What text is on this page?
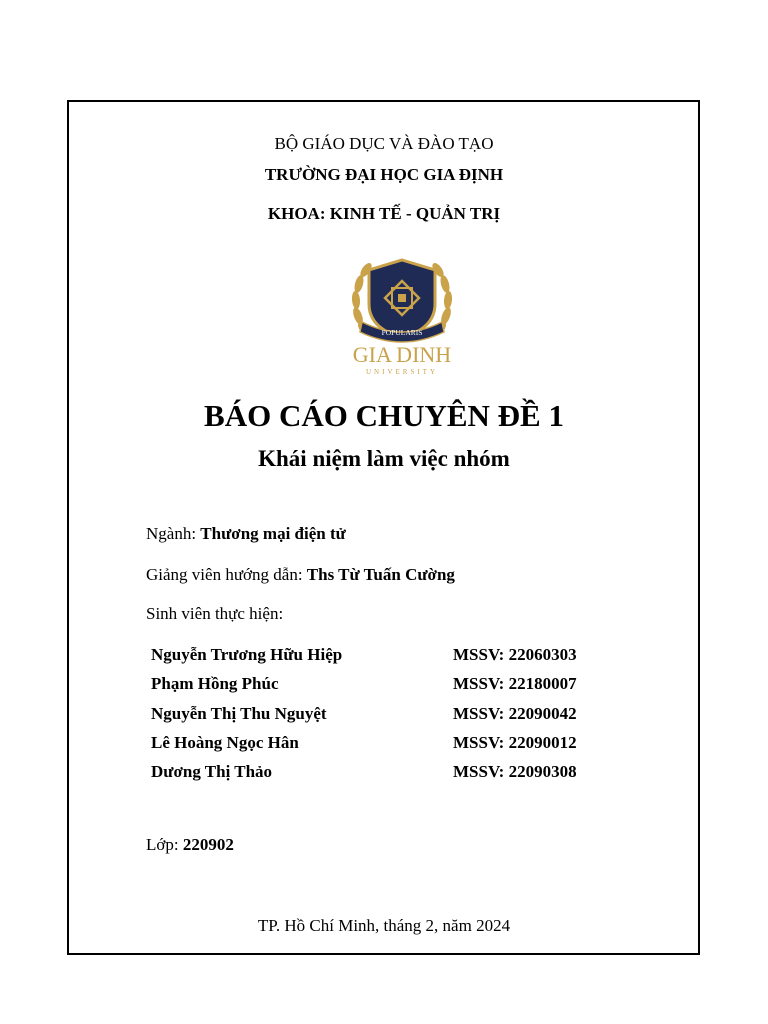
BỘ GIÁO DỤC VÀ ĐÀO TẠO
TRƯỜNG ĐẠI HỌC GIA ĐỊNH
KHOA: KINH TẾ - QUẢN TRỊ
POPULARIS
GIA DINH
UNIVERSITY
BÁO CÁO CHUYÊN ĐỀ 1
Khái niệm làm việc nhóm
Ngành: Thương mại điện tử
Giảng viên hướng dẫn: Ths Từ Tuấn Cường
Sinh viên thực hiện:
Nguyễn Trương Hữu Hiệp	MSSV: 22060303
Phạm Hồng Phúc	MSSV: 22180007
Nguyễn Thị Thu Nguyệt	MSSV: 22090042
Lê Hoàng Ngọc Hân	MSSV: 22090012
Dương Thị Thảo	MSSV: 22090308
Lớp: 220902
TP. Hồ Chí Minh, tháng 2, năm 2024
